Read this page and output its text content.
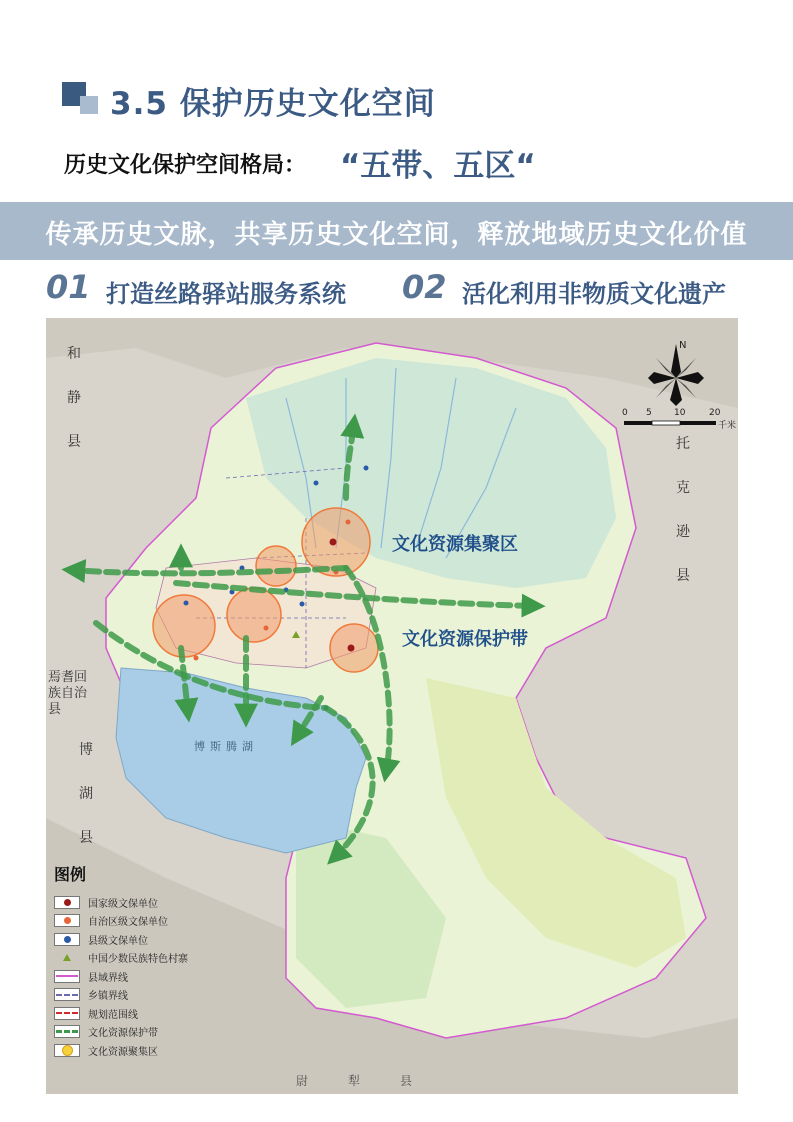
3.5 保护历史文化空间
历史文化保护空间格局： “五带、五区“
传承历史文脉，共享历史文化空间，释放地域历史文化价值
01 打造丝路驿站服务系统 02 活化利用非物质文化遗产
0 5 10	20
千米
N
和静县	托克逊县
博湖县
焉耆回族自治县
尉犁县
博斯腾湖
文化资源集聚区
文化资源保护带
图例
国家级文保单位
自治区级文保单位
县级文保单位
中国少数民族特色村寨
县域界线
乡镇界线
规划范围线
文化资源保护带
文化资源聚集区
